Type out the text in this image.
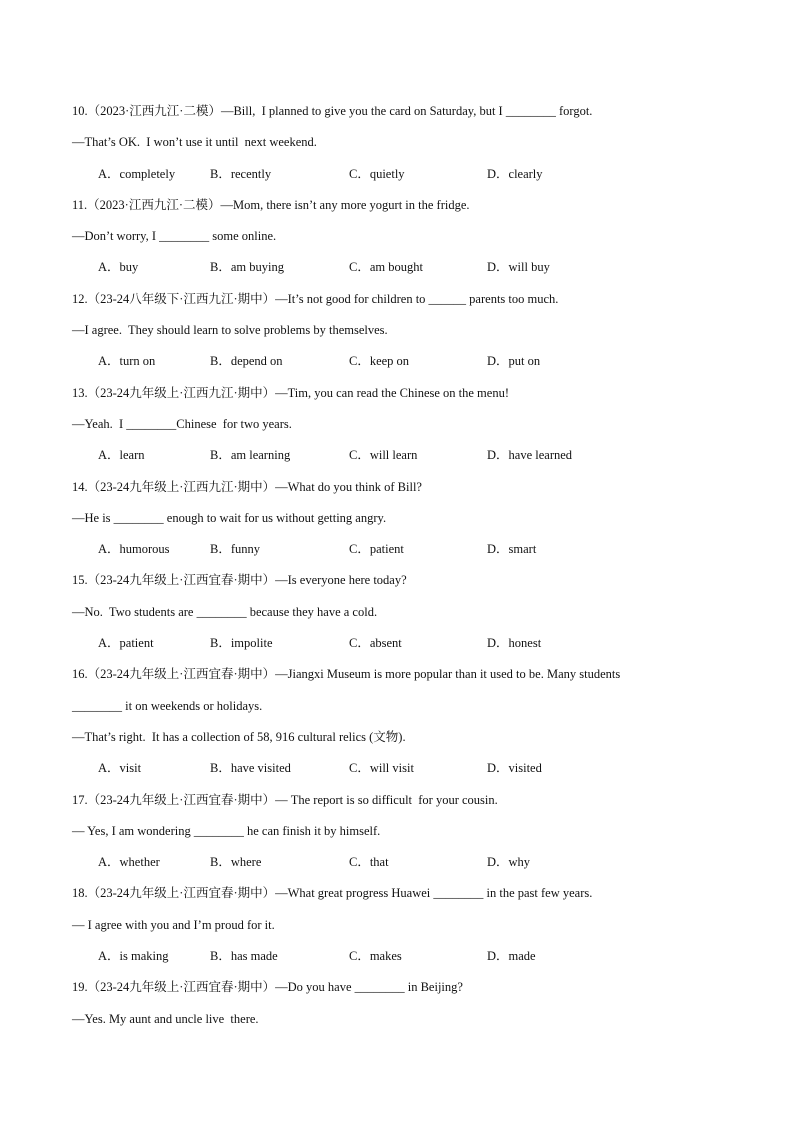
10.（2023·江西九江·二模）—Bill,  I planned to give you the card on Saturday, but I ________ forgot.
—That’s OK.  I won’t use it until  next weekend.
A．completely	B．recently	C．quietly	D．clearly
11.（2023·江西九江·二模）—Mom, there isn’t any more yogurt in the fridge.
—Don’t worry, I ________ some online.
A．buy	B．am buying	C．am bought	D．will buy
12.（23-24八年级下·江西九江·期中）—It’s not good for children to ______ parents too much.
—I agree.  They should learn to solve problems by themselves.
A．turn on	B．depend on	C．keep on	D．put on
13.（23-24九年级上·江西九江·期中）—Tim, you can read the Chinese on the menu!
—Yeah.  I ________Chinese  for two years.
A．learn	B．am learning	C．will learn	D．have learned
14.（23-24九年级上·江西九江·期中）—What do you think of Bill?
—He is ________ enough to wait for us without getting angry.
A．humorous	B．funny	C．patient	D．smart
15.（23-24九年级上·江西宜春·期中）—Is everyone here today?
—No.  Two students are ________ because they have a cold.
A．patient	B．impolite	C．absent	D．honest
16.（23-24九年级上·江西宜春·期中）—Jiangxi Museum is more popular than it used to be. Many students
________ it on weekends or holidays.
—That’s right.  It has a collection of 58, 916 cultural relics (文物).
A．visit	B．have visited	C．will visit	D．visited
17.（23-24九年级上·江西宜春·期中）— The report is so difficult  for your cousin.
— Yes, I am wondering ________ he can finish it by himself.
A．whether	B．where	C．that	D．why
18.（23-24九年级上·江西宜春·期中）—What great progress Huawei ________ in the past few years.
— I agree with you and I’m proud for it.
A．is making	B．has made	C．makes	D．made
19.（23-24九年级上·江西宜春·期中）—Do you have ________ in Beijing?
—Yes. My aunt and uncle live  there.
